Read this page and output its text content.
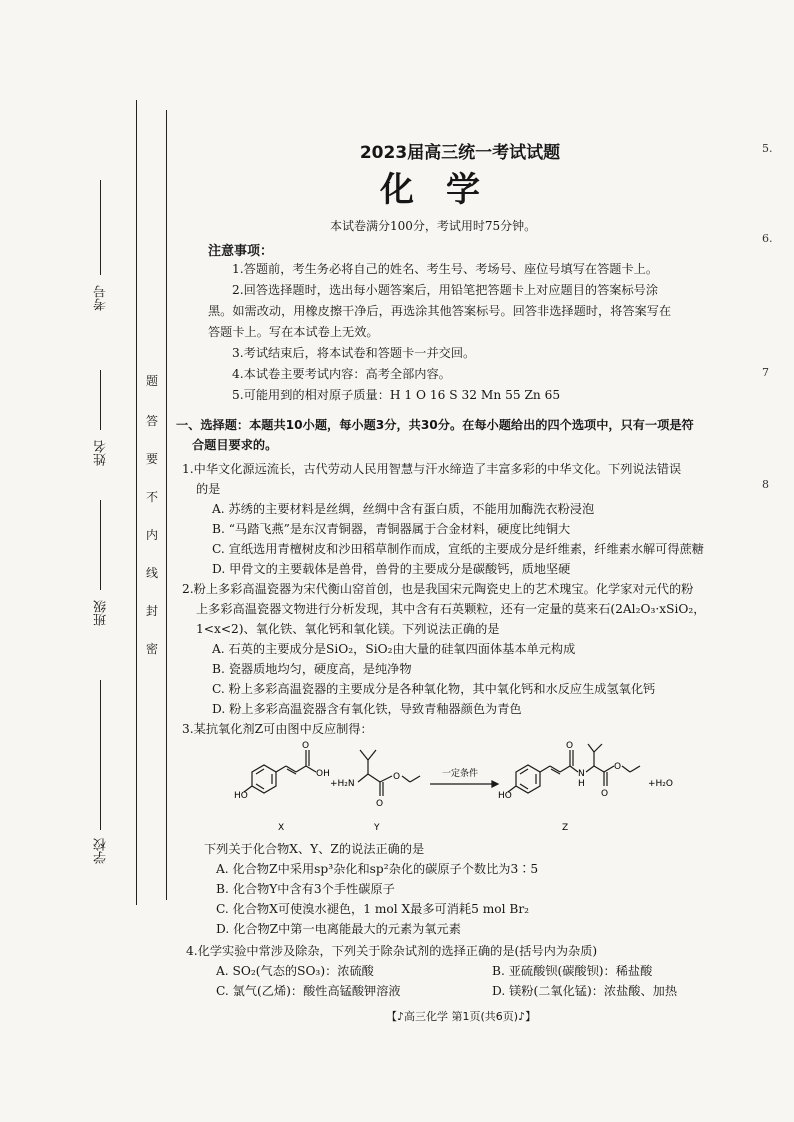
考号
姓名
班级
学校
题
答
要
不
内
线
封
密
5.
6.
7
8
2023届高三统一考试试题
化学
本试卷满分100分，考试用时75分钟。
注意事项：
1.答题前，考生务必将自己的姓名、考生号、考场号、座位号填写在答题卡上。
2.回答选择题时，选出每小题答案后，用铅笔把答题卡上对应题目的答案标号涂
黑。如需改动，用橡皮擦干净后，再选涂其他答案标号。回答非选择题时，将答案写在
答题卡上。写在本试卷上无效。
3.考试结束后，将本试卷和答题卡一并交回。
4.本试卷主要考试内容：高考全部内容。
5.可能用到的相对原子质量：H 1 O 16 S 32 Mn 55 Zn 65
一、选择题：本题共10小题，每小题3分，共30分。在每小题给出的四个选项中，只有一项是符
合题目要求的。
1.中华文化源远流长，古代劳动人民用智慧与汗水缔造了丰富多彩的中华文化。下列说法错误
的是
A. 苏绣的主要材料是丝绸，丝绸中含有蛋白质，不能用加酶洗衣粉浸泡
B. “马踏飞燕”是东汉青铜器，青铜器属于合金材料，硬度比纯铜大
C. 宣纸选用青檀树皮和沙田稻草制作而成，宣纸的主要成分是纤维素，纤维素水解可得蔗糖
D. 甲骨文的主要载体是兽骨，兽骨的主要成分是碳酸钙，质地坚硬
2.粉上多彩高温瓷器为宋代衡山窑首创，也是我国宋元陶瓷史上的艺术瑰宝。化学家对元代的粉
上多彩高温瓷器文物进行分析发现，其中含有石英颗粒，还有一定量的莫来石(2Al₂O₃·xSiO₂，
1<x<2)、氧化铁、氧化钙和氧化镁。下列说法正确的是
A. 石英的主要成分是SiO₂，SiO₂由大量的硅氧四面体基本单元构成
B. 瓷器质地均匀，硬度高，是纯净物
C. 粉上多彩高温瓷器的主要成分是各种氧化物，其中氧化钙和水反应生成氢氧化钙
D. 粉上多彩高温瓷器含有氧化铁，导致青釉器颜色为青色
3.某抗氧化剂Z可由图中反应制得：
HO
O
OH
+H₂N
O
O	一定条件
HO
O
N
H
O
O
+H₂O
X	Y	Z
下列关于化合物X、Y、Z的说法正确的是
A. 化合物Z中采用sp³杂化和sp²杂化的碳原子个数比为3∶5
B. 化合物Y中含有3个手性碳原子
C. 化合物X可使溴水褪色，1 mol X最多可消耗5 mol Br₂
D. 化合物Z中第一电离能最大的元素为氧元素
4.化学实验中常涉及除杂，下列关于除杂试剂的选择正确的是(括号内为杂质)
A. SO₂(气态的SO₃)：浓硫酸	B. 亚硫酸钡(碳酸钡)：稀盐酸
C. 氯气(乙烯)：酸性高锰酸钾溶液	D. 镁粉(二氧化锰)：浓盐酸、加热
【♪高三化学 第1页(共6页)♪】
